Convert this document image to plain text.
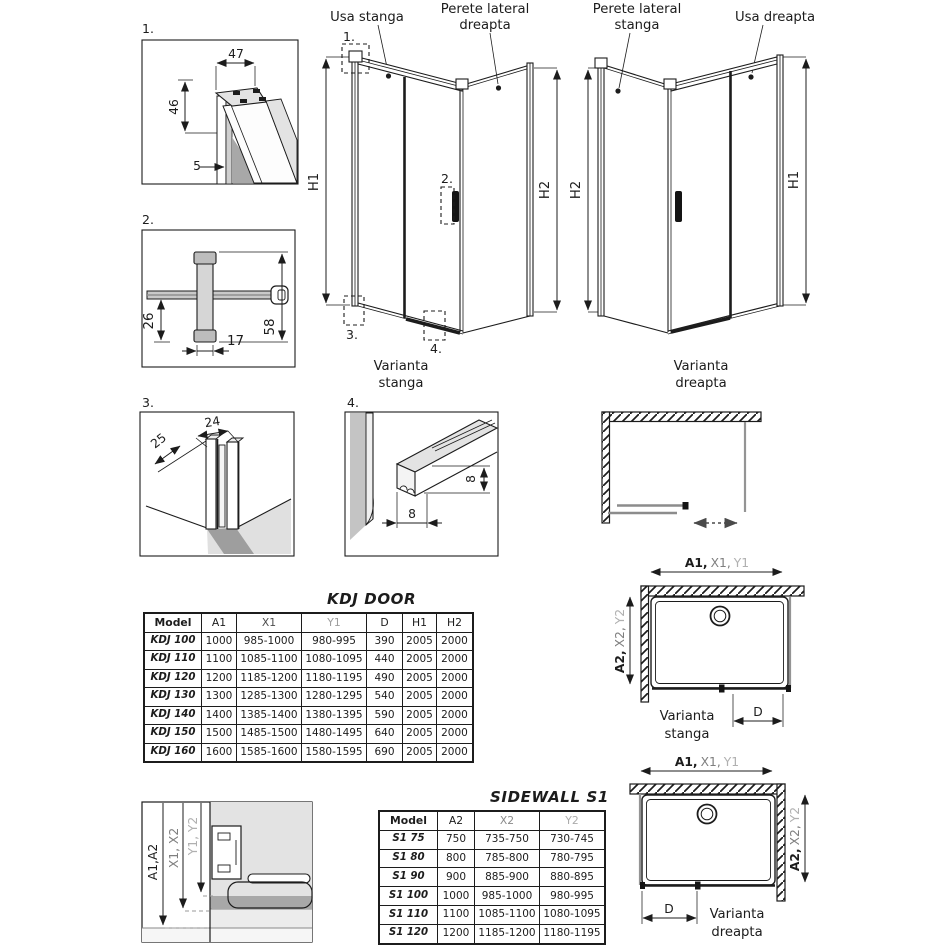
1.
47
46
5
2.
26	58
17
3.
24
25
4.
8
8
Usa stanga
Perete lateral
dreapta
H1	H2
1.
2.
3.
4.
Varianta
stanga
Perete lateral
stanga
Usa dreapta
H2
H1
Varianta
dreapta
A1, X1, Y1
A2,X2,Y2
D
Varianta
stanga
A1, X1, Y1
A2,X2,Y2
D	Varianta
dreapta
A1,A2 X1, X2 Y1, Y2
KDJ DOOR
Model	A1	X1	Y1	D	H1	H2
KDJ 100	1000	985-1000	980-995	390	2005	2000
KDJ 110	1100	1085-1100	1080-1095	440	2005	2000
KDJ 120	1200	1185-1200	1180-1195	490	2005	2000
KDJ 130	1300	1285-1300	1280-1295	540	2005	2000
KDJ 140	1400	1385-1400	1380-1395	590	2005	2000
KDJ 150	1500	1485-1500	1480-1495	640	2005	2000
KDJ 160	1600	1585-1600	1580-1595	690	2005	2000
SIDEWALL S1
Model	A2	X2	Y2
S1 75	750	735-750	730-745
S1 80	800	785-800	780-795
S1 90	900	885-900	880-895
S1 100	1000	985-1000	980-995
S1 110	1100	1085-1100	1080-1095
S1 120	1200	1185-1200	1180-1195
